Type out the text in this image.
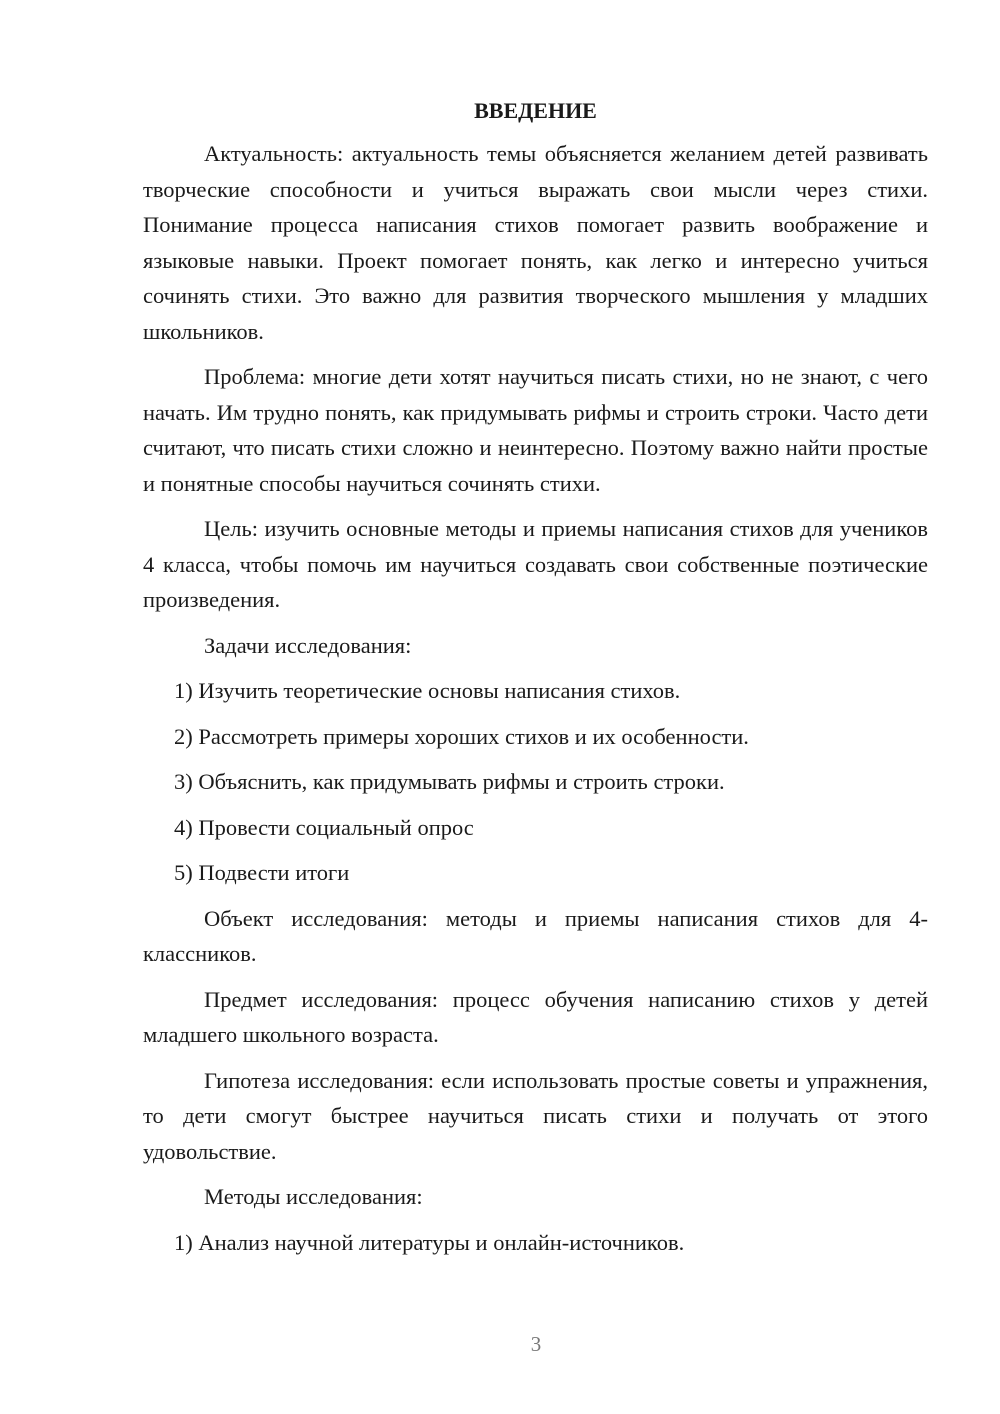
ВВЕДЕНИЕ

Актуальность: актуальность темы объясняется желанием детей развивать творческие способности и учиться выражать свои мысли через стихи. Понимание процесса написания стихов помогает развить воображение и языковые навыки. Проект помогает понять, как легко и интересно учиться сочинять стихи. Это важно для развития творческого мышления у младших школьников.

Проблема: многие дети хотят научиться писать стихи, но не знают, с чего начать. Им трудно понять, как придумывать рифмы и строить строки. Часто дети считают, что писать стихи сложно и неинтересно. Поэтому важно найти простые и понятные способы научиться сочинять стихи.

Цель: изучить основные методы и приемы написания стихов для учеников 4 класса, чтобы помочь им научиться создавать свои собственные поэтические произведения.

Задачи исследования:

1) Изучить теоретические основы написания стихов.

2) Рассмотреть примеры хороших стихов и их особенности.

3) Объяснить, как придумывать рифмы и строить строки.

4) Провести социальный опрос

5) Подвести итоги

Объект исследования: методы и приемы написания стихов для 4-классников.

Предмет исследования: процесс обучения написанию стихов у детей младшего школьного возраста.

Гипотеза исследования: если использовать простые советы и упражнения, то дети смогут быстрее научиться писать стихи и получать от этого удовольствие.

Методы исследования:

1) Анализ научной литературы и онлайн-источников.

3
